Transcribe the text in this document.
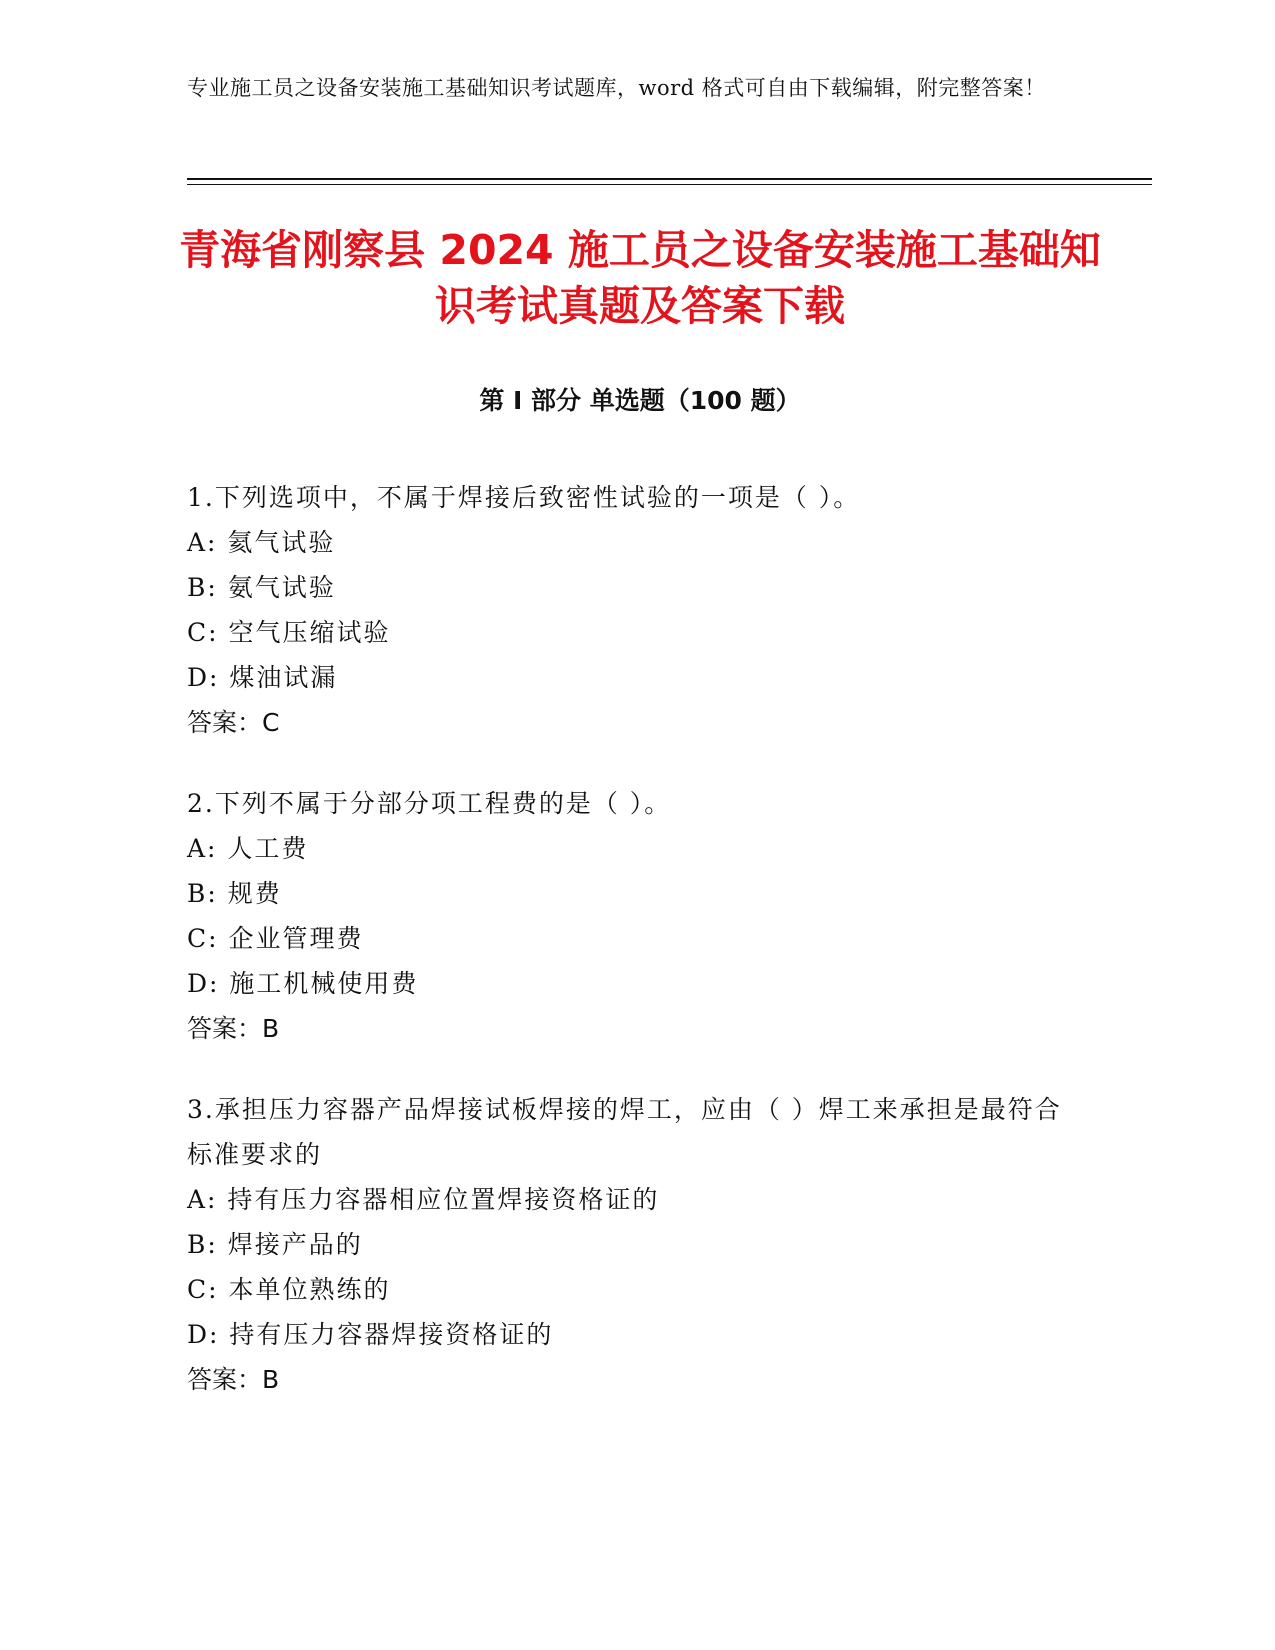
专业施工员之设备安装施工基础知识考试题库，word 格式可自由下载编辑，附完整答案！
青海省刚察县 2024 施工员之设备安装施工基础知识考试真题及答案下载
第 I 部分 单选题（100 题）
1.下列选项中，不属于焊接后致密性试验的一项是（ ）。
A: 氦气试验
B: 氨气试验
C: 空气压缩试验
D: 煤油试漏
答案：C
2.下列不属于分部分项工程费的是（ ）。
A: 人工费
B: 规费
C: 企业管理费
D: 施工机械使用费
答案：B
3.承担压力容器产品焊接试板焊接的焊工，应由（ ）焊工来承担是最符合标准要求的
A: 持有压力容器相应位置焊接资格证的
B: 焊接产品的
C: 本单位熟练的
D: 持有压力容器焊接资格证的
答案：B
